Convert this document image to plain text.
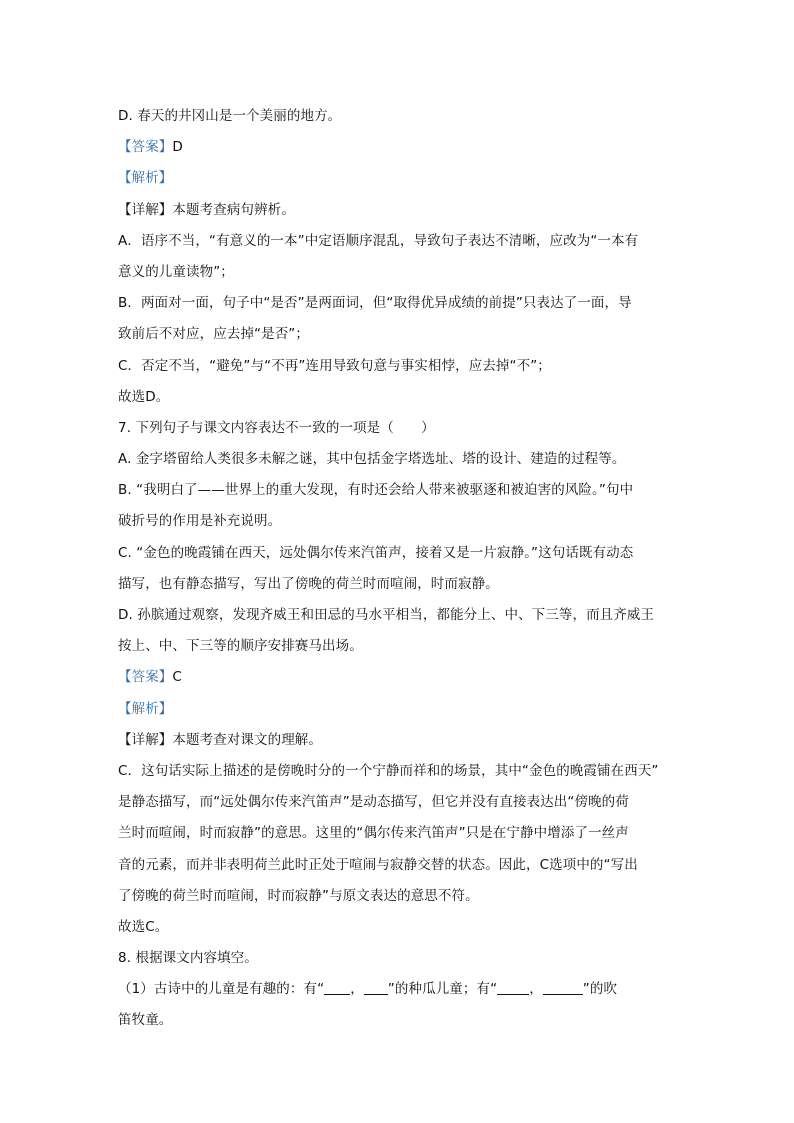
D. 春天的井冈山是一个美丽的地方。
【答案】D
【解析】
【详解】本题考查病句辨析。
A．语序不当，“有意义的一本”中定语顺序混乱，导致句子表达不清晰，应改为“一本有
意义的儿童读物”；
B．两面对一面，句子中“是否”是两面词，但“取得优异成绩的前提”只表达了一面，导
致前后不对应，应去掉“是否”；
C．否定不当，“避免”与“不再”连用导致句意与事实相悖，应去掉“不”；
故选D。
7. 下列句子与课文内容表达不一致的一项是（　　）
A. 金字塔留给人类很多未解之谜，其中包括金字塔选址、塔的设计、建造的过程等。
B. “我明白了——世界上的重大发现，有时还会给人带来被驱逐和被迫害的风险。”句中
破折号的作用是补充说明。
C. “金色的晚霞铺在西天，远处偶尔传来汽笛声，接着又是一片寂静。”这句话既有动态
描写，也有静态描写，写出了傍晚的荷兰时而喧闹，时而寂静。
D. 孙膑通过观察，发现齐威王和田忌的马水平相当，都能分上、中、下三等，而且齐威王
按上、中、下三等的顺序安排赛马出场。
【答案】C
【解析】
【详解】本题考查对课文的理解。
C．这句话实际上描述的是傍晚时分的一个宁静而祥和的场景，其中“金色的晚霞铺在西天”
是静态描写，而“远处偶尔传来汽笛声”是动态描写，但它并没有直接表达出“傍晚的荷
兰时而喧闹，时而寂静”的意思。这里的“偶尔传来汽笛声”只是在宁静中增添了一丝声
音的元素，而并非表明荷兰此时正处于喧闹与寂静交替的状态。因此，C选项中的“写出
了傍晚的荷兰时而喧闹，时而寂静”与原文表达的意思不符。
故选C。
8. 根据课文内容填空。
（1）古诗中的儿童是有趣的：有“ ， ”的种瓜儿童；有“ ，	”的吹
笛牧童。
